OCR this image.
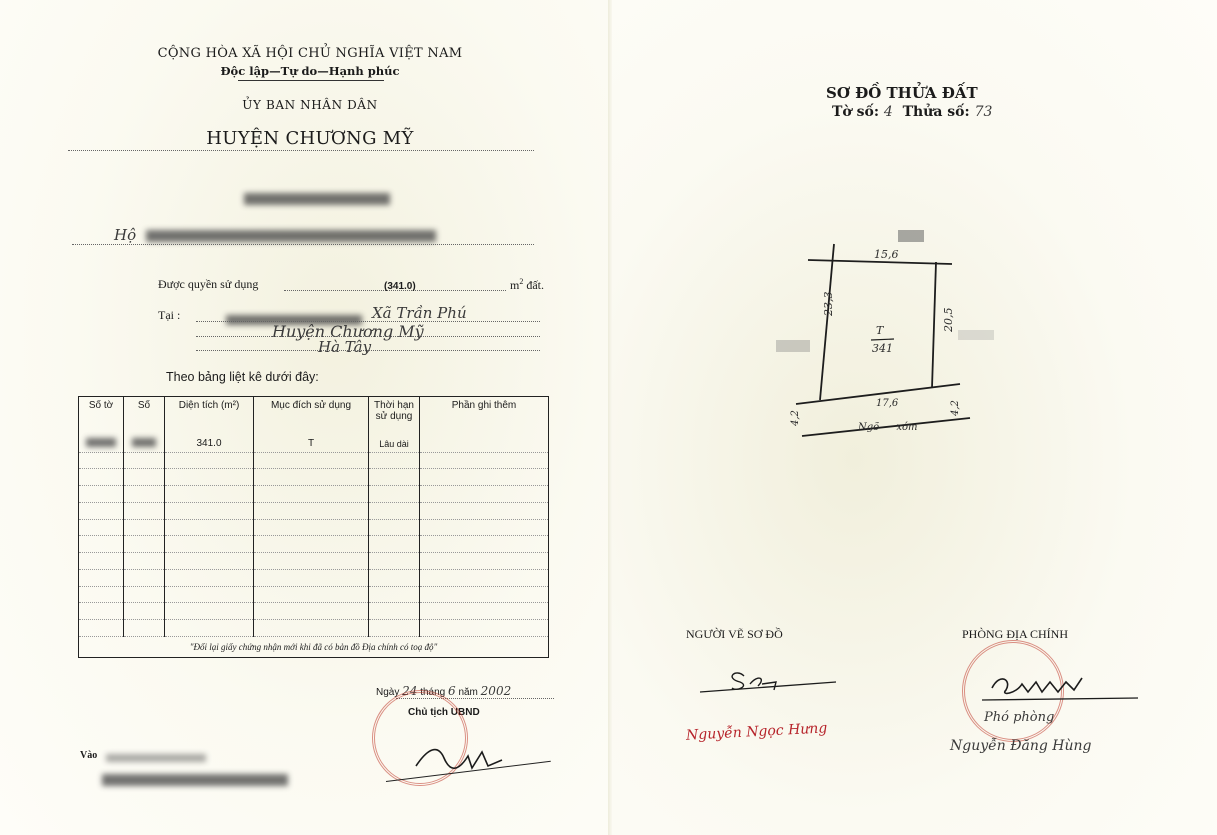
CỘNG HÒA XÃ HỘI CHỦ NGHĨA VIỆT NAM
Độc lập—Tự do—Hạnh phúc
ỦY BAN NHÂN DÂN
HUYỆN CHƯƠNG MỸ
Hộ
Được quyền sử dụng	(341.0)	$m^2$ đất.
Tại :	Xã Trần Phú
Huyện Chương Mỹ
Hà Tây
Theo bảng liệt kê dưới đây:
Số tờ	Số	Diện tích (m²)	Mục đích sử dụng	Thời hạn sử dụng	Phần ghi thêm
		341.0	T	Lâu dài	

"Đổi lại giấy chứng nhận mới khi đã có bản đồ Địa chính có toạ độ"					
Ngày 24 tháng 6 năm 2002
Chủ tịch UBND
Vào
SƠ ĐỒ THỬA ĐẤT
Tờ số: 4 Thửa số: 73
15,6
23,3
20,5
T
341
17,6
4,2
4,2
Ngõ xóm
NGƯỜI VẼ SƠ ĐỒ
Nguyễn Ngọc Hưng
PHÒNG ĐỊA CHÍNH
Phó phòng
Nguyễn Đăng Hùng
